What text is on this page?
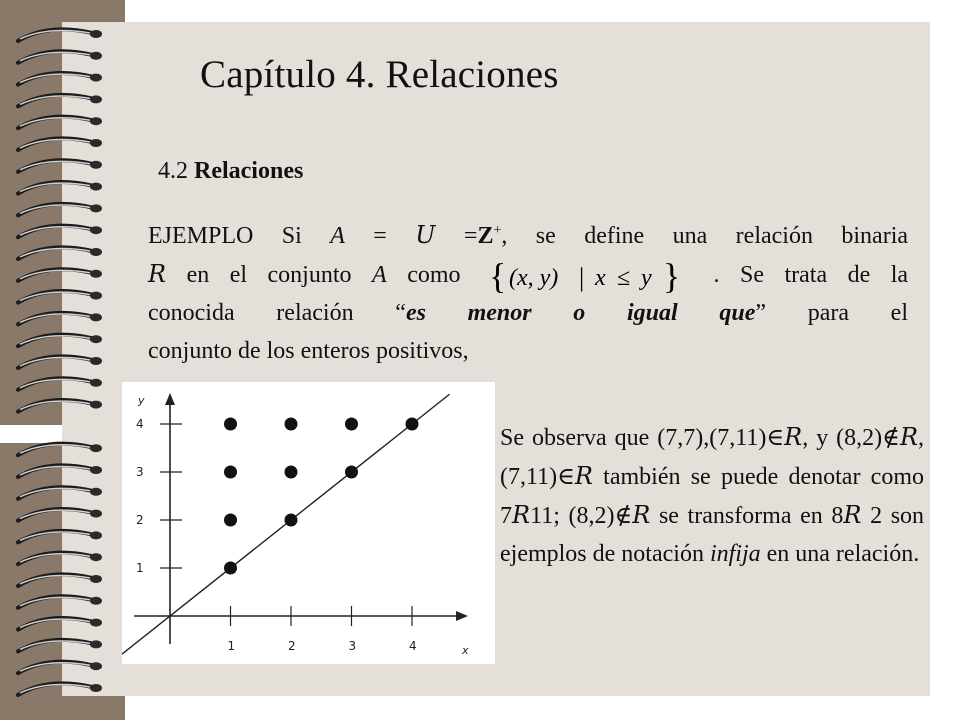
Capítulo 4. Relaciones
4.2 Relaciones
EJEMPLO Si A = U =Z+, se define una relación binaria
R en el conjunto A como { (x, y) | x ≤ y } . Se trata de la
conocida relación “es menor o igual que” para el
conjunto de los enteros positivos,
x
y
1	2	3	4
1
2
3
4
Se observa que (7,7),(7,11)∈R, y (8,2)∉R, (7,11)∈R también se puede denotar como 7R11; (8,2)∉R se transforma en 8R 2 son ejemplos de notación infija en una relación.
